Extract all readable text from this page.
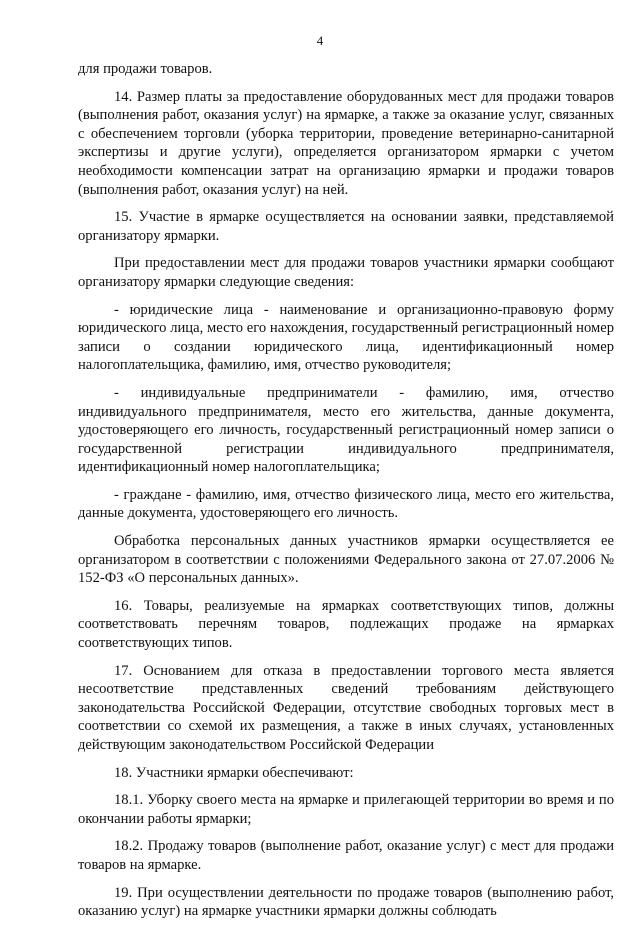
4

для продажи товаров.

14. Размер платы за предоставление оборудованных мест для продажи товаров (выполнения работ, оказания услуг) на ярмарке, а также за оказание услуг, связанных с обеспечением торговли (уборка территории, проведение ветеринарно-санитарной экспертизы и другие услуги), определяется организатором ярмарки с учетом необходимости компенсации затрат на организацию ярмарки и продажи товаров (выполнения работ, оказания услуг) на ней.

15. Участие в ярмарке осуществляется на основании заявки, представляемой организатору ярмарки.

При предоставлении мест для продажи товаров участники ярмарки сообщают организатору ярмарки следующие сведения:

- юридические лица - наименование и организационно-правовую форму юридического лица, место его нахождения, государственный регистрационный номер записи о создании юридического лица, идентификационный номер налогоплательщика, фамилию, имя, отчество руководителя;

- индивидуальные предприниматели - фамилию, имя, отчество индивидуального предпринимателя, место его жительства, данные документа, удостоверяющего его личность, государственный регистрационный номер записи о государственной регистрации индивидуального предпринимателя, идентификационный номер налогоплательщика;

- граждане - фамилию, имя, отчество физического лица, место его жительства, данные документа, удостоверяющего его личность.

Обработка персональных данных участников ярмарки осуществляется ее организатором в соответствии с положениями Федерального закона от 27.07.2006 № 152-ФЗ «О персональных данных».

16. Товары, реализуемые на ярмарках соответствующих типов, должны соответствовать перечням товаров, подлежащих продаже на ярмарках соответствующих типов.

17. Основанием для отказа в предоставлении торгового места является несоответствие представленных сведений требованиям действующего законодательства Российской Федерации, отсутствие свободных торговых мест в соответствии со схемой их размещения, а также в иных случаях, установленных действующим законодательством Российской Федерации

18. Участники ярмарки обеспечивают:

18.1. Уборку своего места на ярмарке и прилегающей территории во время и по окончании работы ярмарки;

18.2. Продажу товаров (выполнение работ, оказание услуг) с мест для продажи товаров на ярмарке.

19. При осуществлении деятельности по продаже товаров (выполнению работ, оказанию услуг) на ярмарке участники ярмарки должны соблюдать
